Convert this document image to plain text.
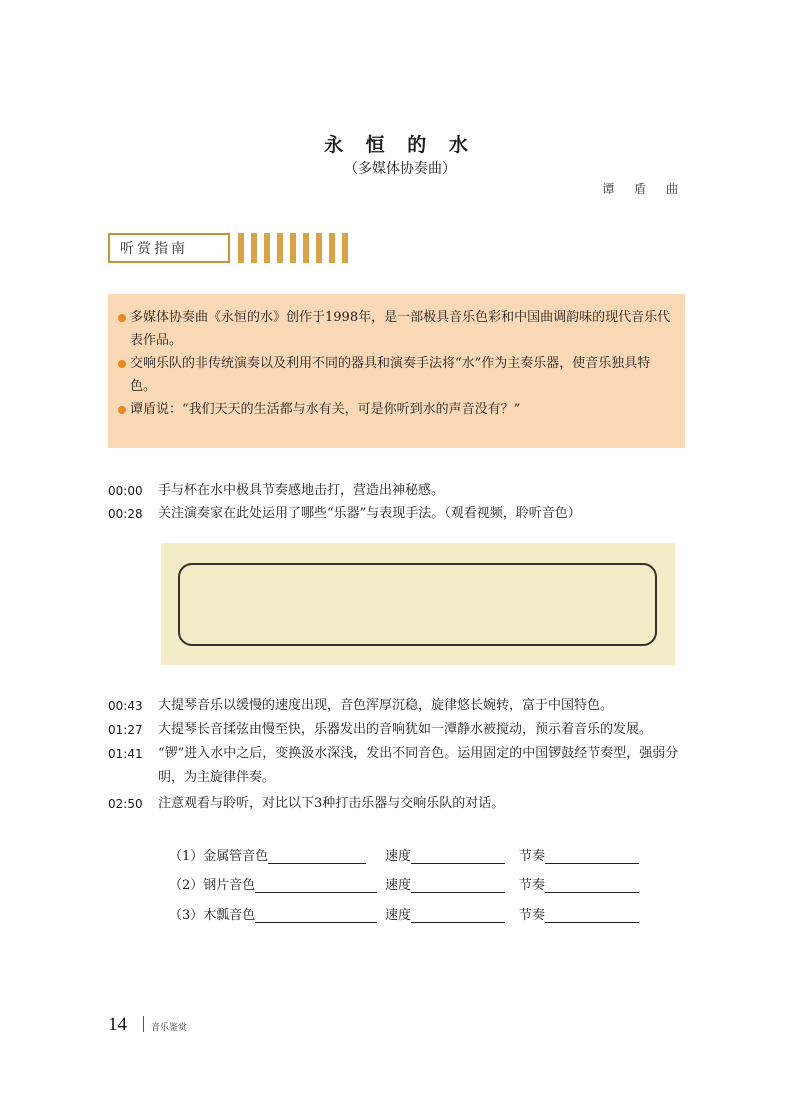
永 恒 的 水
（多媒体协奏曲）
谭 盾 曲
听赏指南
多媒体协奏曲《永恒的水》创作于1998年，是一部极具音乐色彩和中国曲调韵味的现代音乐代表作品。
交响乐队的非传统演奏以及利用不同的器具和演奏手法将“水”作为主奏乐器，使音乐独具特色。
谭盾说：“我们天天的生活都与水有关，可是你听到水的声音没有？”
00:00	手与杯在水中极具节奏感地击打，营造出神秘感。
00:28	关注演奏家在此处运用了哪些“乐器”与表现手法。（观看视频，聆听音色）
00:43	大提琴音乐以缓慢的速度出现，音色浑厚沉稳，旋律悠长婉转，富于中国特色。
01:27	大提琴长音揉弦由慢至快，乐器发出的音响犹如一潭静水被搅动，预示着音乐的发展。
01:41	“锣”进入水中之后，变换汲水深浅，发出不同音色。运用固定的中国锣鼓经节奏型，强弱分明，为主旋律伴奏。
02:50	注意观看与聆听，对比以下3种打击乐器与交响乐队的对话。
（1）金属管音色	速度	节奏
（2）钢片音色	速度	节奏
（3）木瓢音色	速度	节奏
14	音乐鉴赏
